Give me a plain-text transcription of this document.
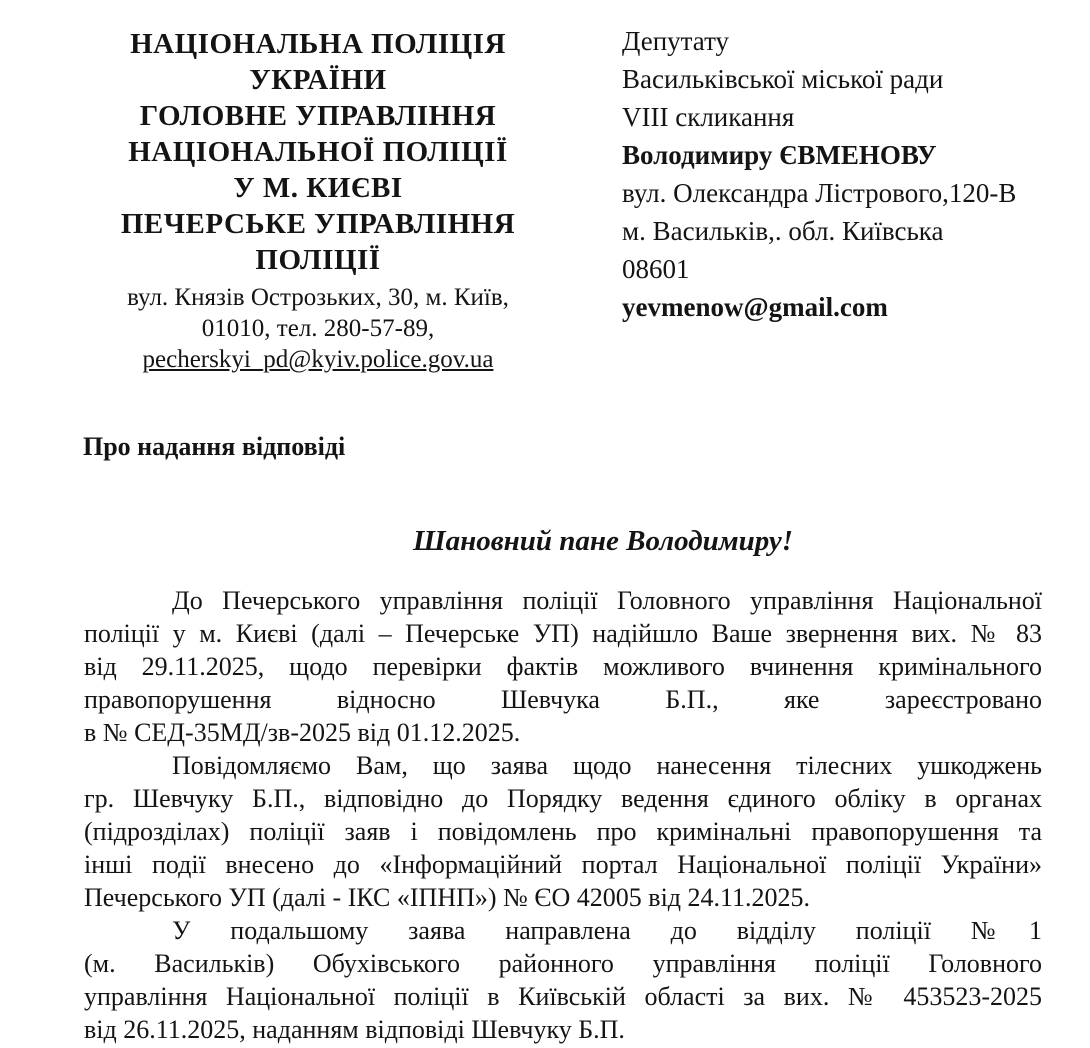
НАЦІОНАЛЬНА ПОЛІЦІЯ
УКРАЇНИ
ГОЛОВНЕ УПРАВЛІННЯ
НАЦІОНАЛЬНОЇ ПОЛІЦІЇ
У М. КИЄВІ
ПЕЧЕРСЬКЕ УПРАВЛІННЯ
ПОЛІЦІЇ
вул. Князів Острозьких, 30, м. Київ,
01010, тел. 280-57-89,
pecherskyi_pd@kyiv.police.gov.ua
Депутату
Васильківської міської ради
VIII скликання
Володимиру ЄВМЕНОВУ
вул. Олександра Лістрового,120-В
м. Васильків,. обл. Київська
08601
yevmenow@gmail.com
Про надання відповіді
Шановний пане Володимиру!
До Печерського управління поліції Головного управління Національної
поліції у м. Києві (далі – Печерське УП) надійшло Ваше звернення вих. № 83
від 29.11.2025, щодо перевірки фактів можливого вчинення кримінального
правопорушення відносно Шевчука Б.П., яке зареєстровано
в № СЕД-35МД/зв-2025 від 01.12.2025.
Повідомляємо Вам, що заява щодо нанесення тілесних ушкоджень
гр. Шевчуку Б.П., відповідно до Порядку ведення єдиного обліку в органах
(підрозділах) поліції заяв і повідомлень про кримінальні правопорушення та
інші події внесено до «Інформаційний портал Національної поліції України»
Печерського УП (далі - ІКС «ІПНП») № ЄО 42005 від 24.11.2025.
У подальшому заява направлена до відділу поліції №1
(м. Васильків) Обухівського районного управління поліції Головного
управління Національної поліції в Київській області за вих. № 453523-2025
від 26.11.2025, наданням відповіді Шевчуку Б.П.
